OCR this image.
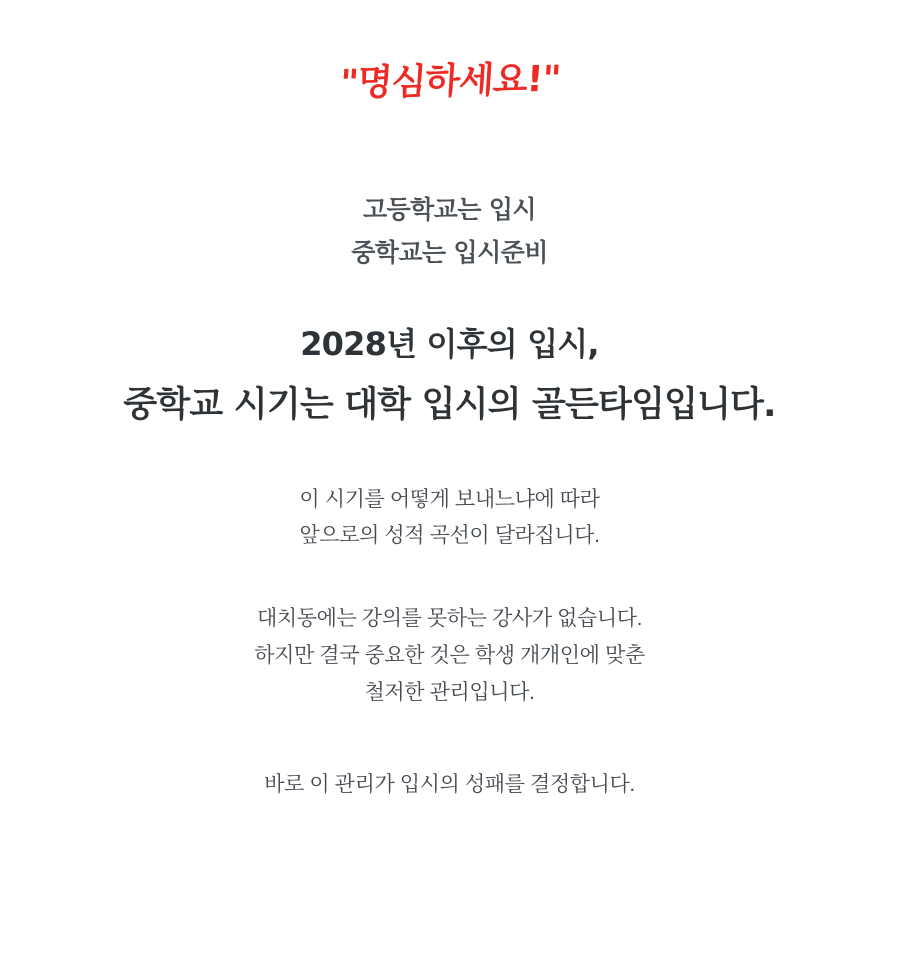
"명심하세요!"
고등학교는 입시
중학교는 입시준비
2028년 이후의 입시,
중학교 시기는 대학 입시의 골든타임입니다.
이 시기를 어떻게 보내느냐에 따라
앞으로의 성적 곡선이 달라집니다.
대치동에는 강의를 못하는 강사가 없습니다.
하지만 결국 중요한 것은 학생 개개인에 맞춘
철저한 관리입니다.
바로 이 관리가 입시의 성패를 결정합니다.
